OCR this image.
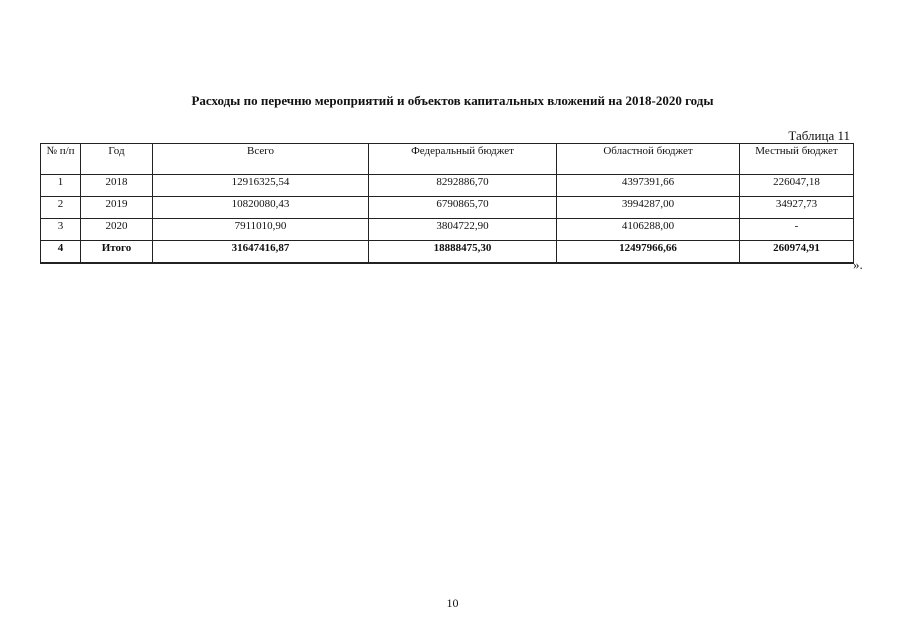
Расходы по перечню мероприятий и объектов капитальных вложений на 2018-2020 годы
Таблица 11
№ п/п	Год	Всего	Федеральный бюджет	Областной бюджет	Местный бюджет
1	2018	12916325,54	8292886,70	4397391,66	226047,18
2	2019	10820080,43	6790865,70	3994287,00	34927,73
3	2020	7911010,90	3804722,90	4106288,00	-
4	Итого	31647416,87	18888475,30	12497966,66	260974,91
».
10
